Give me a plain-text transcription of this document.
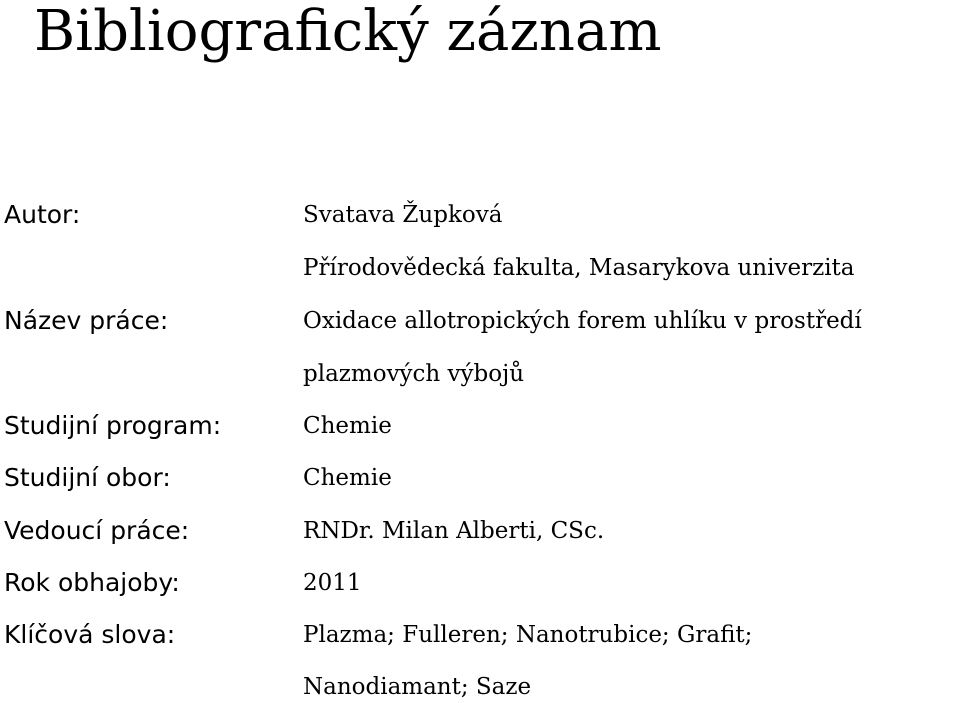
Bibliografický záznam
Autor:	Svatava Župková
Přírodovědecká fakulta, Masarykova univerzita
Název práce:	Oxidace allotropických forem uhlíku v prostředí
plazmových výbojů
Studijní program:	Chemie
Studijní obor:	Chemie
Vedoucí práce:	RNDr. Milan Alberti, CSc.
Rok obhajoby:	2011
Klíčová slova:	Plazma; Fulleren; Nanotrubice; Grafit;
Nanodiamant; Saze
